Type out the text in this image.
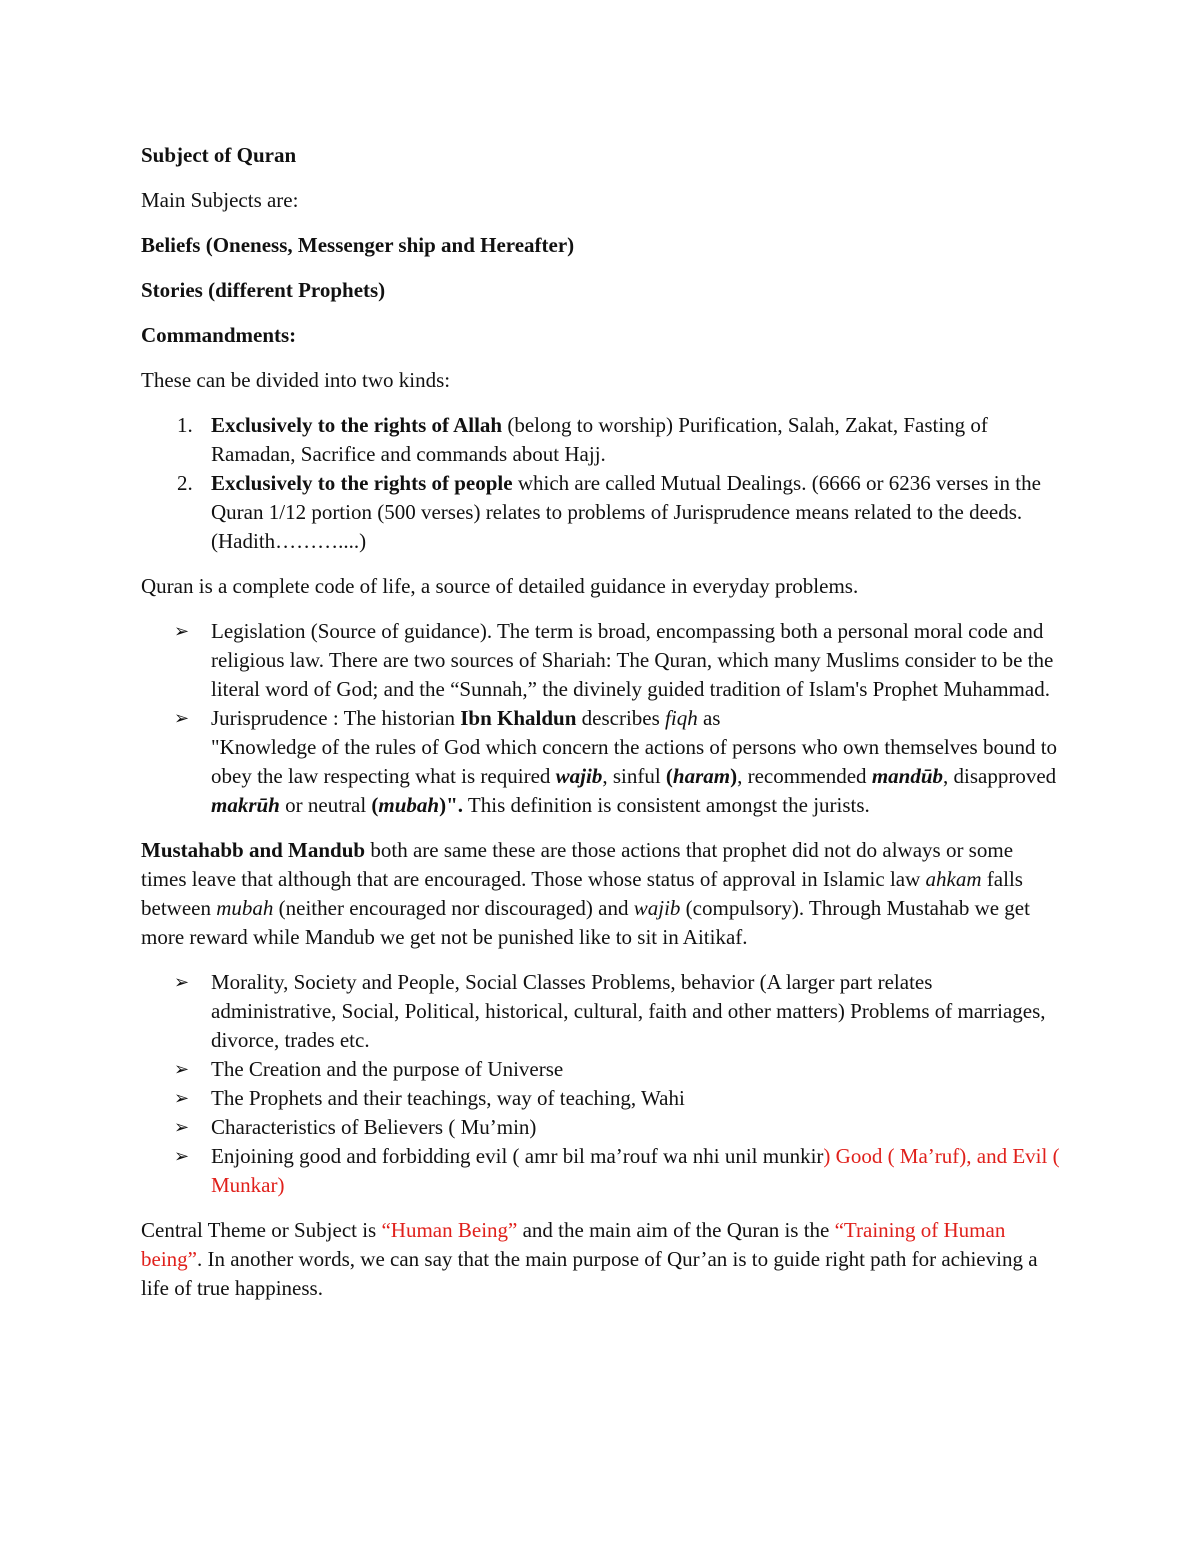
Subject of Quran

Main Subjects are:

Beliefs (Oneness, Messenger ship and Hereafter)

Stories (different Prophets)

Commandments:

These can be divided into two kinds:

1. Exclusively to the rights of Allah (belong to worship) Purification, Salah, Zakat, Fasting of Ramadan, Sacrifice and commands about Hajj.
2. Exclusively to the rights of people which are called Mutual Dealings. (6666 or 6236 verses in the Quran 1/12 portion (500 verses) relates to problems of Jurisprudence means related to the deeds. (Hadith………....)

Quran is a complete code of life, a source of detailed guidance in everyday problems.

➢ Legislation (Source of guidance). The term is broad, encompassing both a personal moral code and religious law. There are two sources of Shariah: The Quran, which many Muslims consider to be the literal word of God; and the “Sunnah,” the divinely guided tradition of Islam's Prophet Muhammad.
➢ Jurisprudence : The historian Ibn Khaldun describes fiqh as
"Knowledge of the rules of God which concern the actions of persons who own themselves bound to obey the law respecting what is required wajib, sinful (haram), recommended mandūb, disapproved makrūh or neutral (mubah)". This definition is consistent amongst the jurists.

Mustahabb and Mandub both are same these are those actions that prophet did not do always or some times leave that although that are encouraged. Those whose status of approval in Islamic law ahkam falls between mubah (neither encouraged nor discouraged) and wajib (compulsory). Through Mustahab we get more reward while Mandub we get not be punished like to sit in Aitikaf.

➢ Morality, Society and People, Social Classes Problems, behavior (A larger part relates administrative, Social, Political, historical, cultural, faith and other matters) Problems of marriages, divorce, trades etc.
➢ The Creation and the purpose of Universe
➢ The Prophets and their teachings, way of teaching, Wahi
➢ Characteristics of Believers ( Mu’min)
➢ Enjoining good and forbidding evil ( amr bil ma’rouf wa nhi unil munkir) Good ( Ma’ruf), and Evil ( Munkar)

Central Theme or Subject is “Human Being” and the main aim of the Quran is the “Training of Human being”. In another words, we can say that the main purpose of Qur’an is to guide right path for achieving a life of true happiness.
